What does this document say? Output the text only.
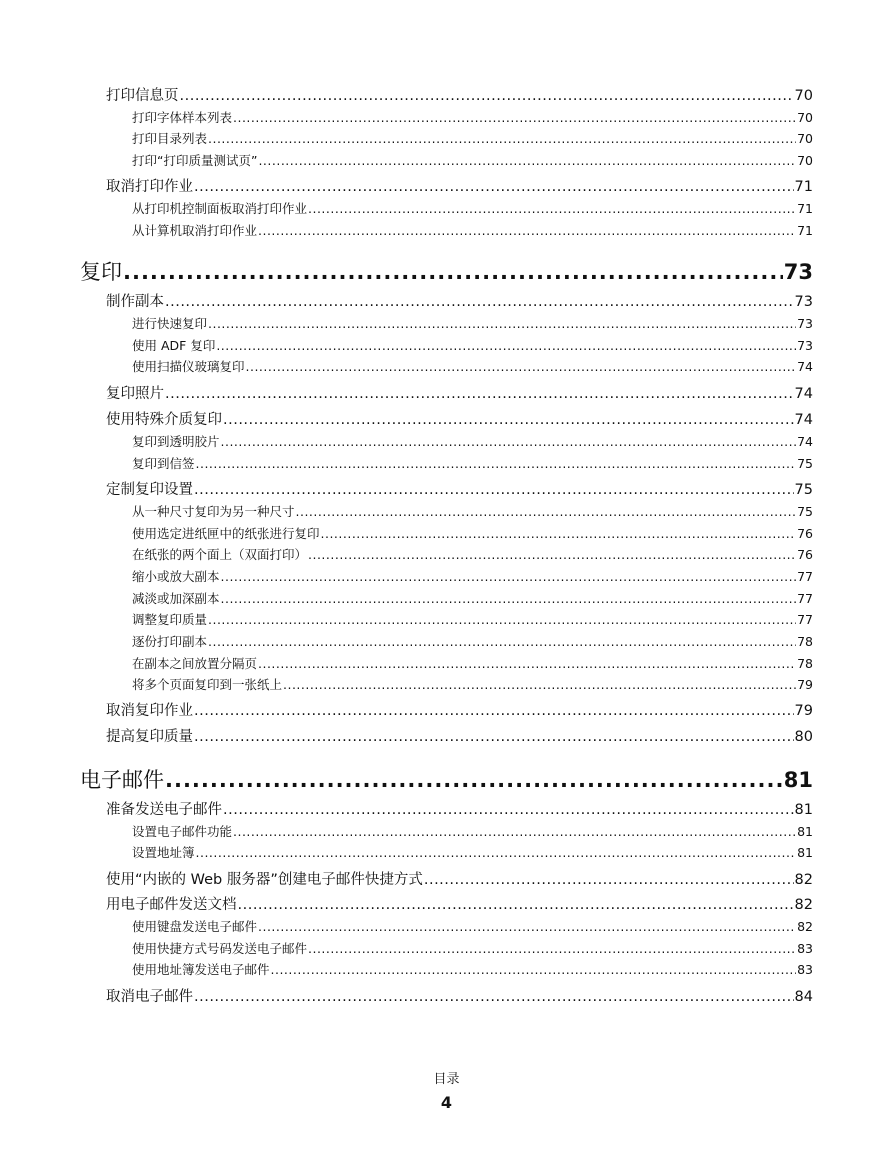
打印信息页 .....	70
打印字体样本列表 .....	70
打印目录列表 .....	70
打印“打印质量测试页” .....	70
取消打印作业 .....	71
从打印机控制面板取消打印作业 .....	71
从计算机取消打印作业 .....	71
复印 .....	73
制作副本 .....	73
进行快速复印 .....	73
使用 ADF 复印 .....	73
使用扫描仪玻璃复印 .....	74
复印照片 .....	74
使用特殊介质复印 .....	74
复印到透明胶片 .....	74
复印到信签 .....	75
定制复印设置 .....	75
从一种尺寸复印为另一种尺寸 .....	75
使用选定进纸匣中的纸张进行复印 .....	76
在纸张的两个面上（双面打印） .....	76
缩小或放大副本 .....	77
减淡或加深副本 .....	77
调整复印质量 .....	77
逐份打印副本 .....	78
在副本之间放置分隔页 .....	78
将多个页面复印到一张纸上 .....	79
取消复印作业 .....	79
提高复印质量 .....	80
电子邮件 .....	81
准备发送电子邮件 .....	81
设置电子邮件功能 .....	81
设置地址簿 .....	81
使用“内嵌的 Web 服务器”创建电子邮件快捷方式 .....	82
用电子邮件发送文档 .....	82
使用键盘发送电子邮件 .....	82
使用快捷方式号码发送电子邮件 .....	83
使用地址簿发送电子邮件 .....	83
取消电子邮件 .....	84
目录
4
